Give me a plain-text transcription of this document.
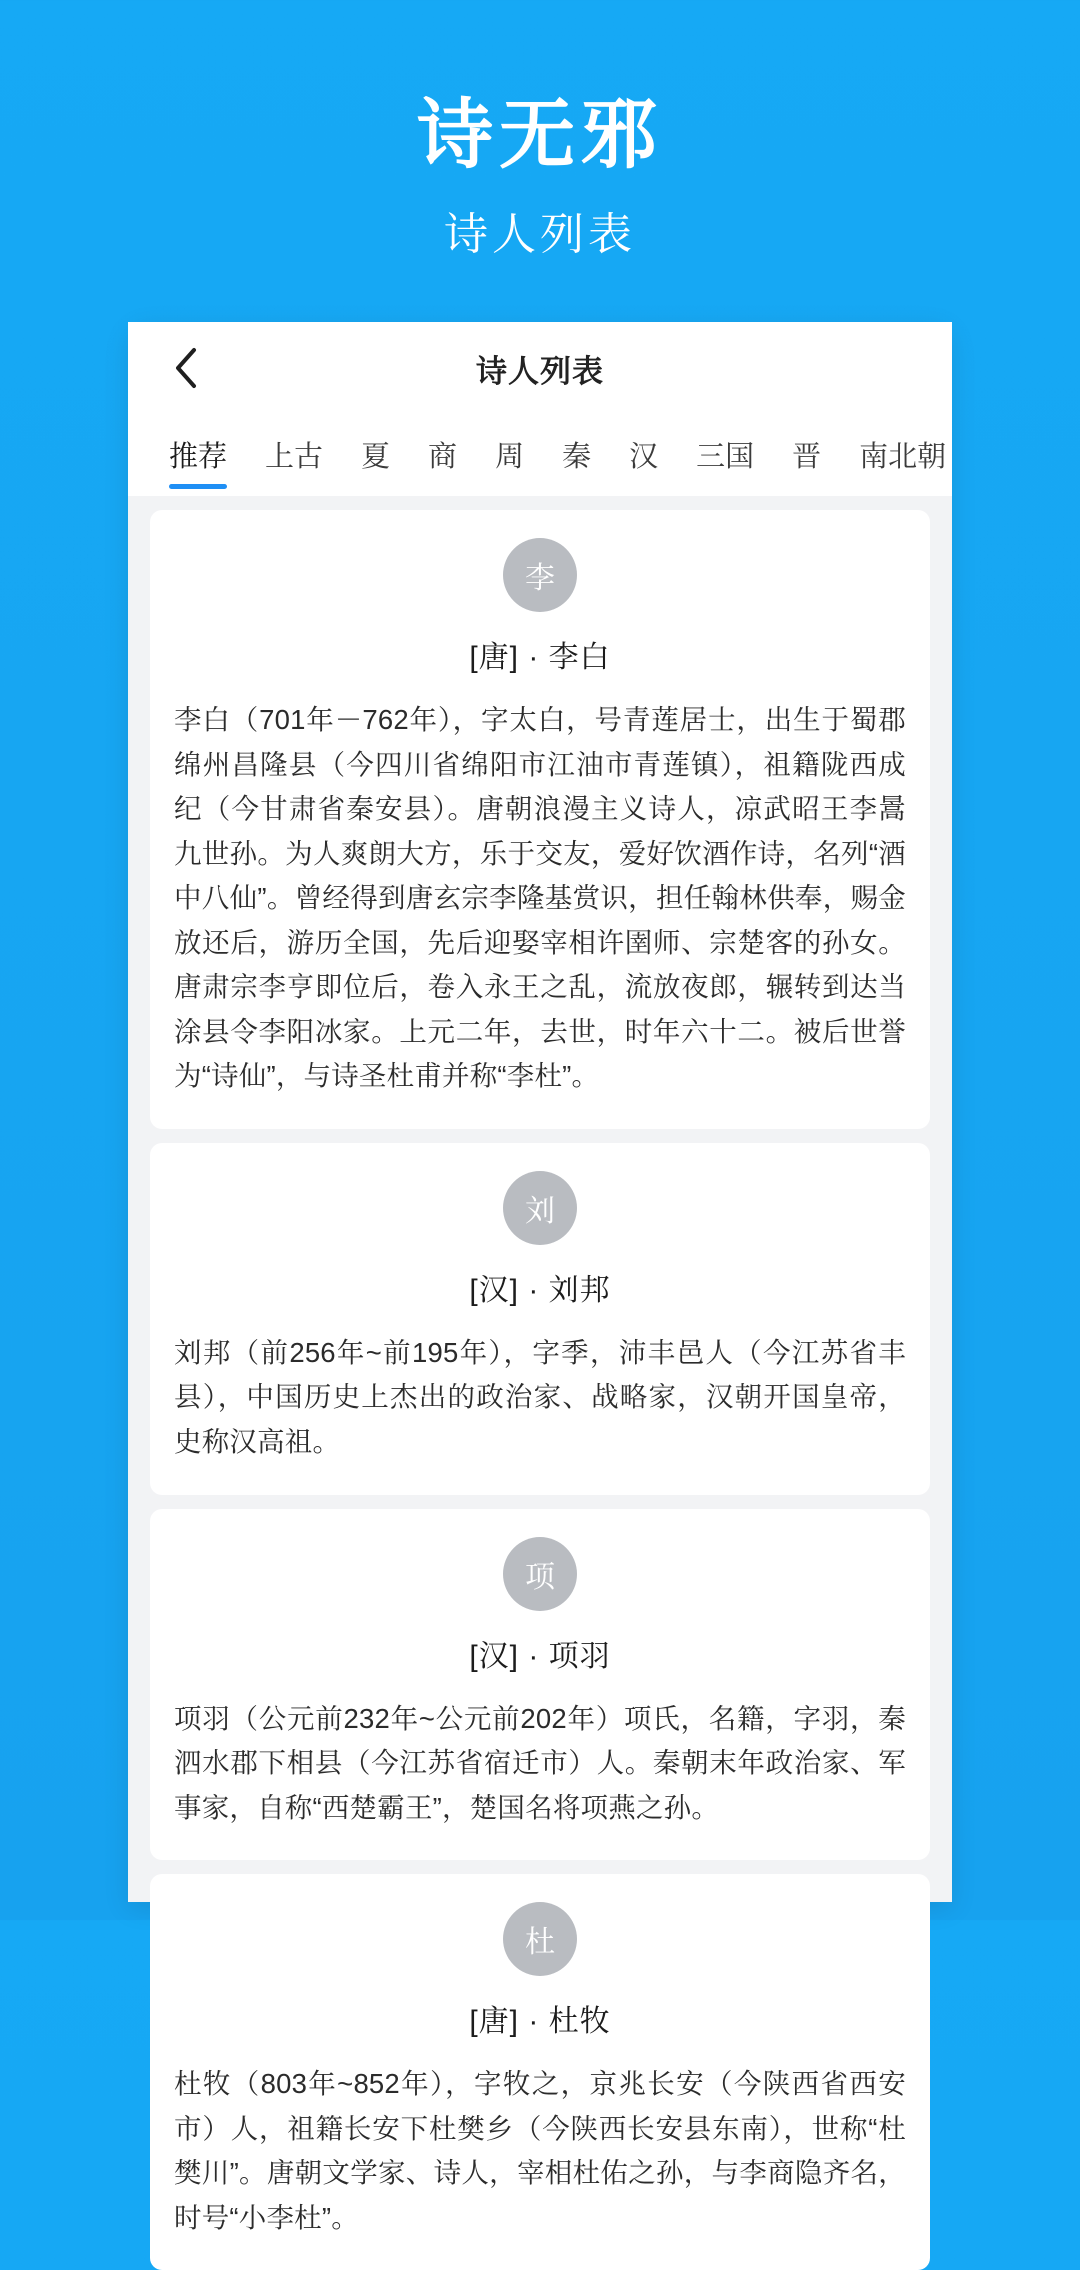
诗无邪
诗人列表
诗人列表
推荐	上古	夏	商	周	秦	汉	三国	晋	南北朝
李
[唐] · 李白
李白（701年－762年），字太白，号青莲居士，出生于蜀郡绵州昌隆县（今四川省绵阳市江油市青莲镇），祖籍陇西成纪（今甘肃省秦安县）。唐朝浪漫主义诗人，凉武昭王李暠九世孙。为人爽朗大方，乐于交友，爱好饮酒作诗，名列“酒中八仙”。曾经得到唐玄宗李隆基赏识，担任翰林供奉，赐金放还后，游历全国，先后迎娶宰相许圉师、宗楚客的孙女。唐肃宗李亨即位后，卷入永王之乱，流放夜郎，辗转到达当涂县令李阳冰家。上元二年，去世，时年六十二。被后世誉为“诗仙”，与诗圣杜甫并称“李杜”。
刘
[汉] · 刘邦
刘邦（前256年~前195年），字季，沛丰邑人（今江苏省丰县），中国历史上杰出的政治家、战略家，汉朝开国皇帝，史称汉高祖。
项
[汉] · 项羽
项羽（公元前232年~公元前202年）项氏，名籍，字羽，秦泗水郡下相县（今江苏省宿迁市）人。秦朝末年政治家、军事家，自称“西楚霸王”，楚国名将项燕之孙。
杜
[唐] · 杜牧
杜牧（803年~852年），字牧之，京兆长安（今陕西省西安市）人，祖籍长安下杜樊乡（今陕西长安县东南），世称“杜樊川”。唐朝文学家、诗人，宰相杜佑之孙，与李商隐齐名，时号“小李杜”。
